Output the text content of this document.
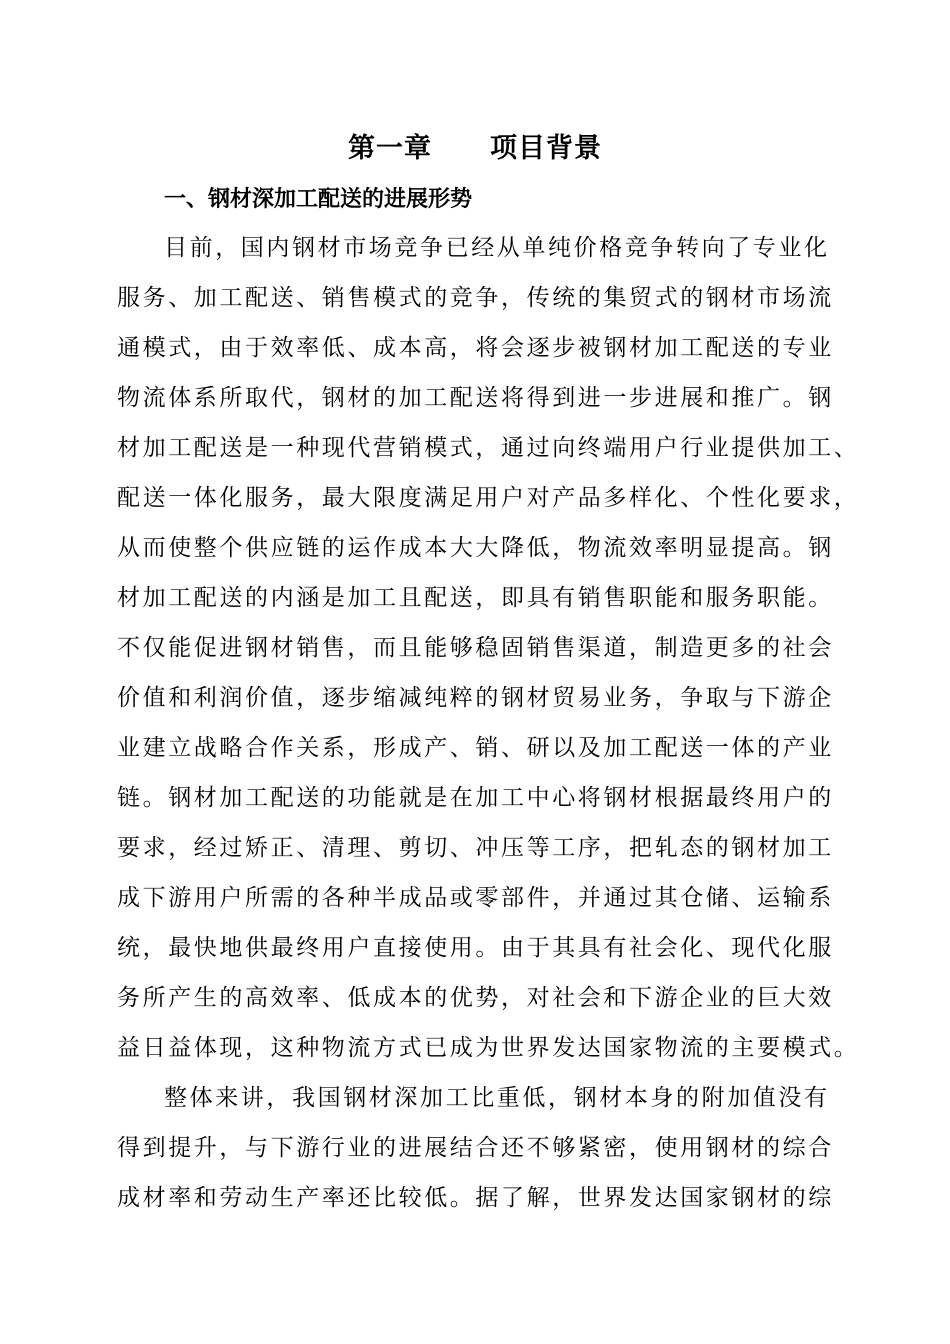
第一章 项目背景
一、钢材深加工配送的进展形势
目前，国内钢材市场竞争已经从单纯价格竞争转向了专业化
服务、加工配送、销售模式的竞争，传统的集贸式的钢材市场流
通模式，由于效率低、成本高，将会逐步被钢材加工配送的专业
物流体系所取代，钢材的加工配送将得到进一步进展和推广。钢
材加工配送是一种现代营销模式，通过向终端用户行业提供加工、
配送一体化服务，最大限度满足用户对产品多样化、个性化要求，
从而使整个供应链的运作成本大大降低，物流效率明显提高。钢
材加工配送的内涵是加工且配送，即具有销售职能和服务职能。
不仅能促进钢材销售，而且能够稳固销售渠道，制造更多的社会
价值和利润价值，逐步缩减纯粹的钢材贸易业务，争取与下游企
业建立战略合作关系，形成产、销、研以及加工配送一体的产业
链。钢材加工配送的功能就是在加工中心将钢材根据最终用户的
要求，经过矫正、清理、剪切、冲压等工序，把轧态的钢材加工
成下游用户所需的各种半成品或零部件，并通过其仓储、运输系
统，最快地供最终用户直接使用。由于其具有社会化、现代化服
务所产生的高效率、低成本的优势，对社会和下游企业的巨大效
益日益体现，这种物流方式已成为世界发达国家物流的主要模式。
整体来讲，我国钢材深加工比重低，钢材本身的附加值没有
得到提升，与下游行业的进展结合还不够紧密，使用钢材的综合
成材率和劳动生产率还比较低。据了解，世界发达国家钢材的综
